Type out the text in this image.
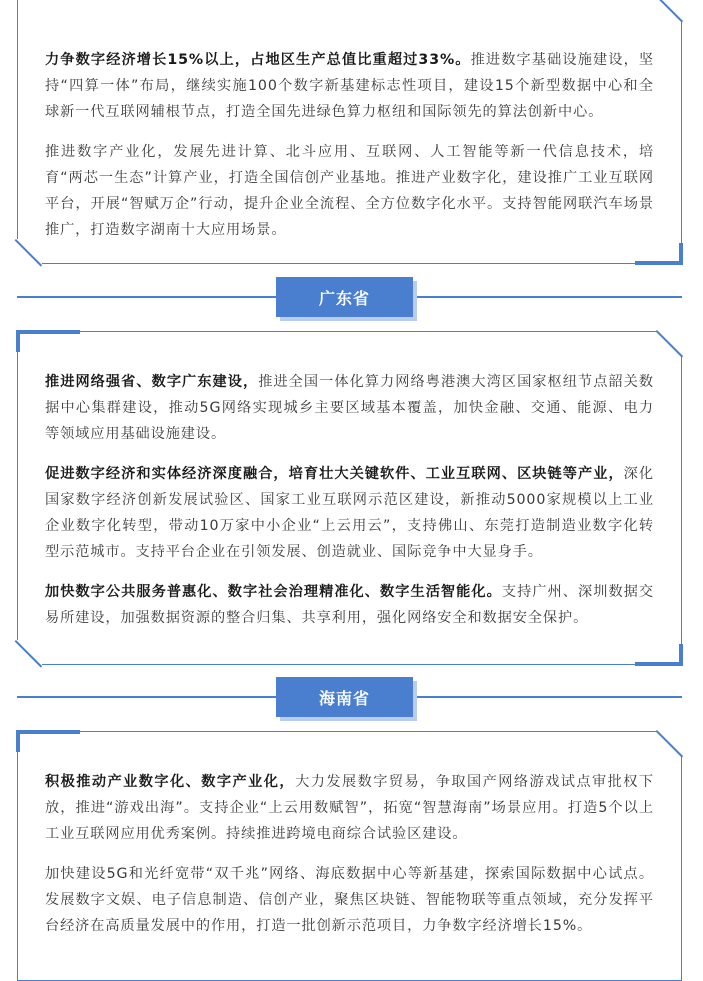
力争数字经济增长15%以上，占地区生产总值比重超过33%。推进数字基础设施建设，坚持“四算一体”布局，继续实施100个数字新基建标志性项目，建设15个新型数据中心和全球新一代互联网辅根节点，打造全国先进绿色算力枢纽和国际领先的算法创新中心。

推进数字产业化，发展先进计算、北斗应用、互联网、人工智能等新一代信息技术，培育“两芯一生态”计算产业，打造全国信创产业基地。推进产业数字化，建设推广工业互联网平台，开展“智赋万企”行动，提升企业全流程、全方位数字化水平。支持智能网联汽车场景推广，打造数字湖南十大应用场景。

广东省

推进网络强省、数字广东建设，推进全国一体化算力网络粤港澳大湾区国家枢纽节点韶关数据中心集群建设，推动5G网络实现城乡主要区域基本覆盖，加快金融、交通、能源、电力等领域应用基础设施建设。

促进数字经济和实体经济深度融合，培育壮大关键软件、工业互联网、区块链等产业，深化国家数字经济创新发展试验区、国家工业互联网示范区建设，新推动5000家规模以上工业企业数字化转型，带动10万家中小企业“上云用云”，支持佛山、东莞打造制造业数字化转型示范城市。支持平台企业在引领发展、创造就业、国际竞争中大显身手。

加快数字公共服务普惠化、数字社会治理精准化、数字生活智能化。支持广州、深圳数据交易所建设，加强数据资源的整合归集、共享利用，强化网络安全和数据安全保护。

海南省

积极推动产业数字化、数字产业化，大力发展数字贸易，争取国产网络游戏试点审批权下放，推进“游戏出海”。支持企业“上云用数赋智”，拓宽“智慧海南”场景应用。打造5个以上工业互联网应用优秀案例。持续推进跨境电商综合试验区建设。

加快建设5G和光纤宽带“双千兆”网络、海底数据中心等新基建，探索国际数据中心试点。发展数字文娱、电子信息制造、信创产业，聚焦区块链、智能物联等重点领域，充分发挥平台经济在高质量发展中的作用，打造一批创新示范项目，力争数字经济增长15%。
